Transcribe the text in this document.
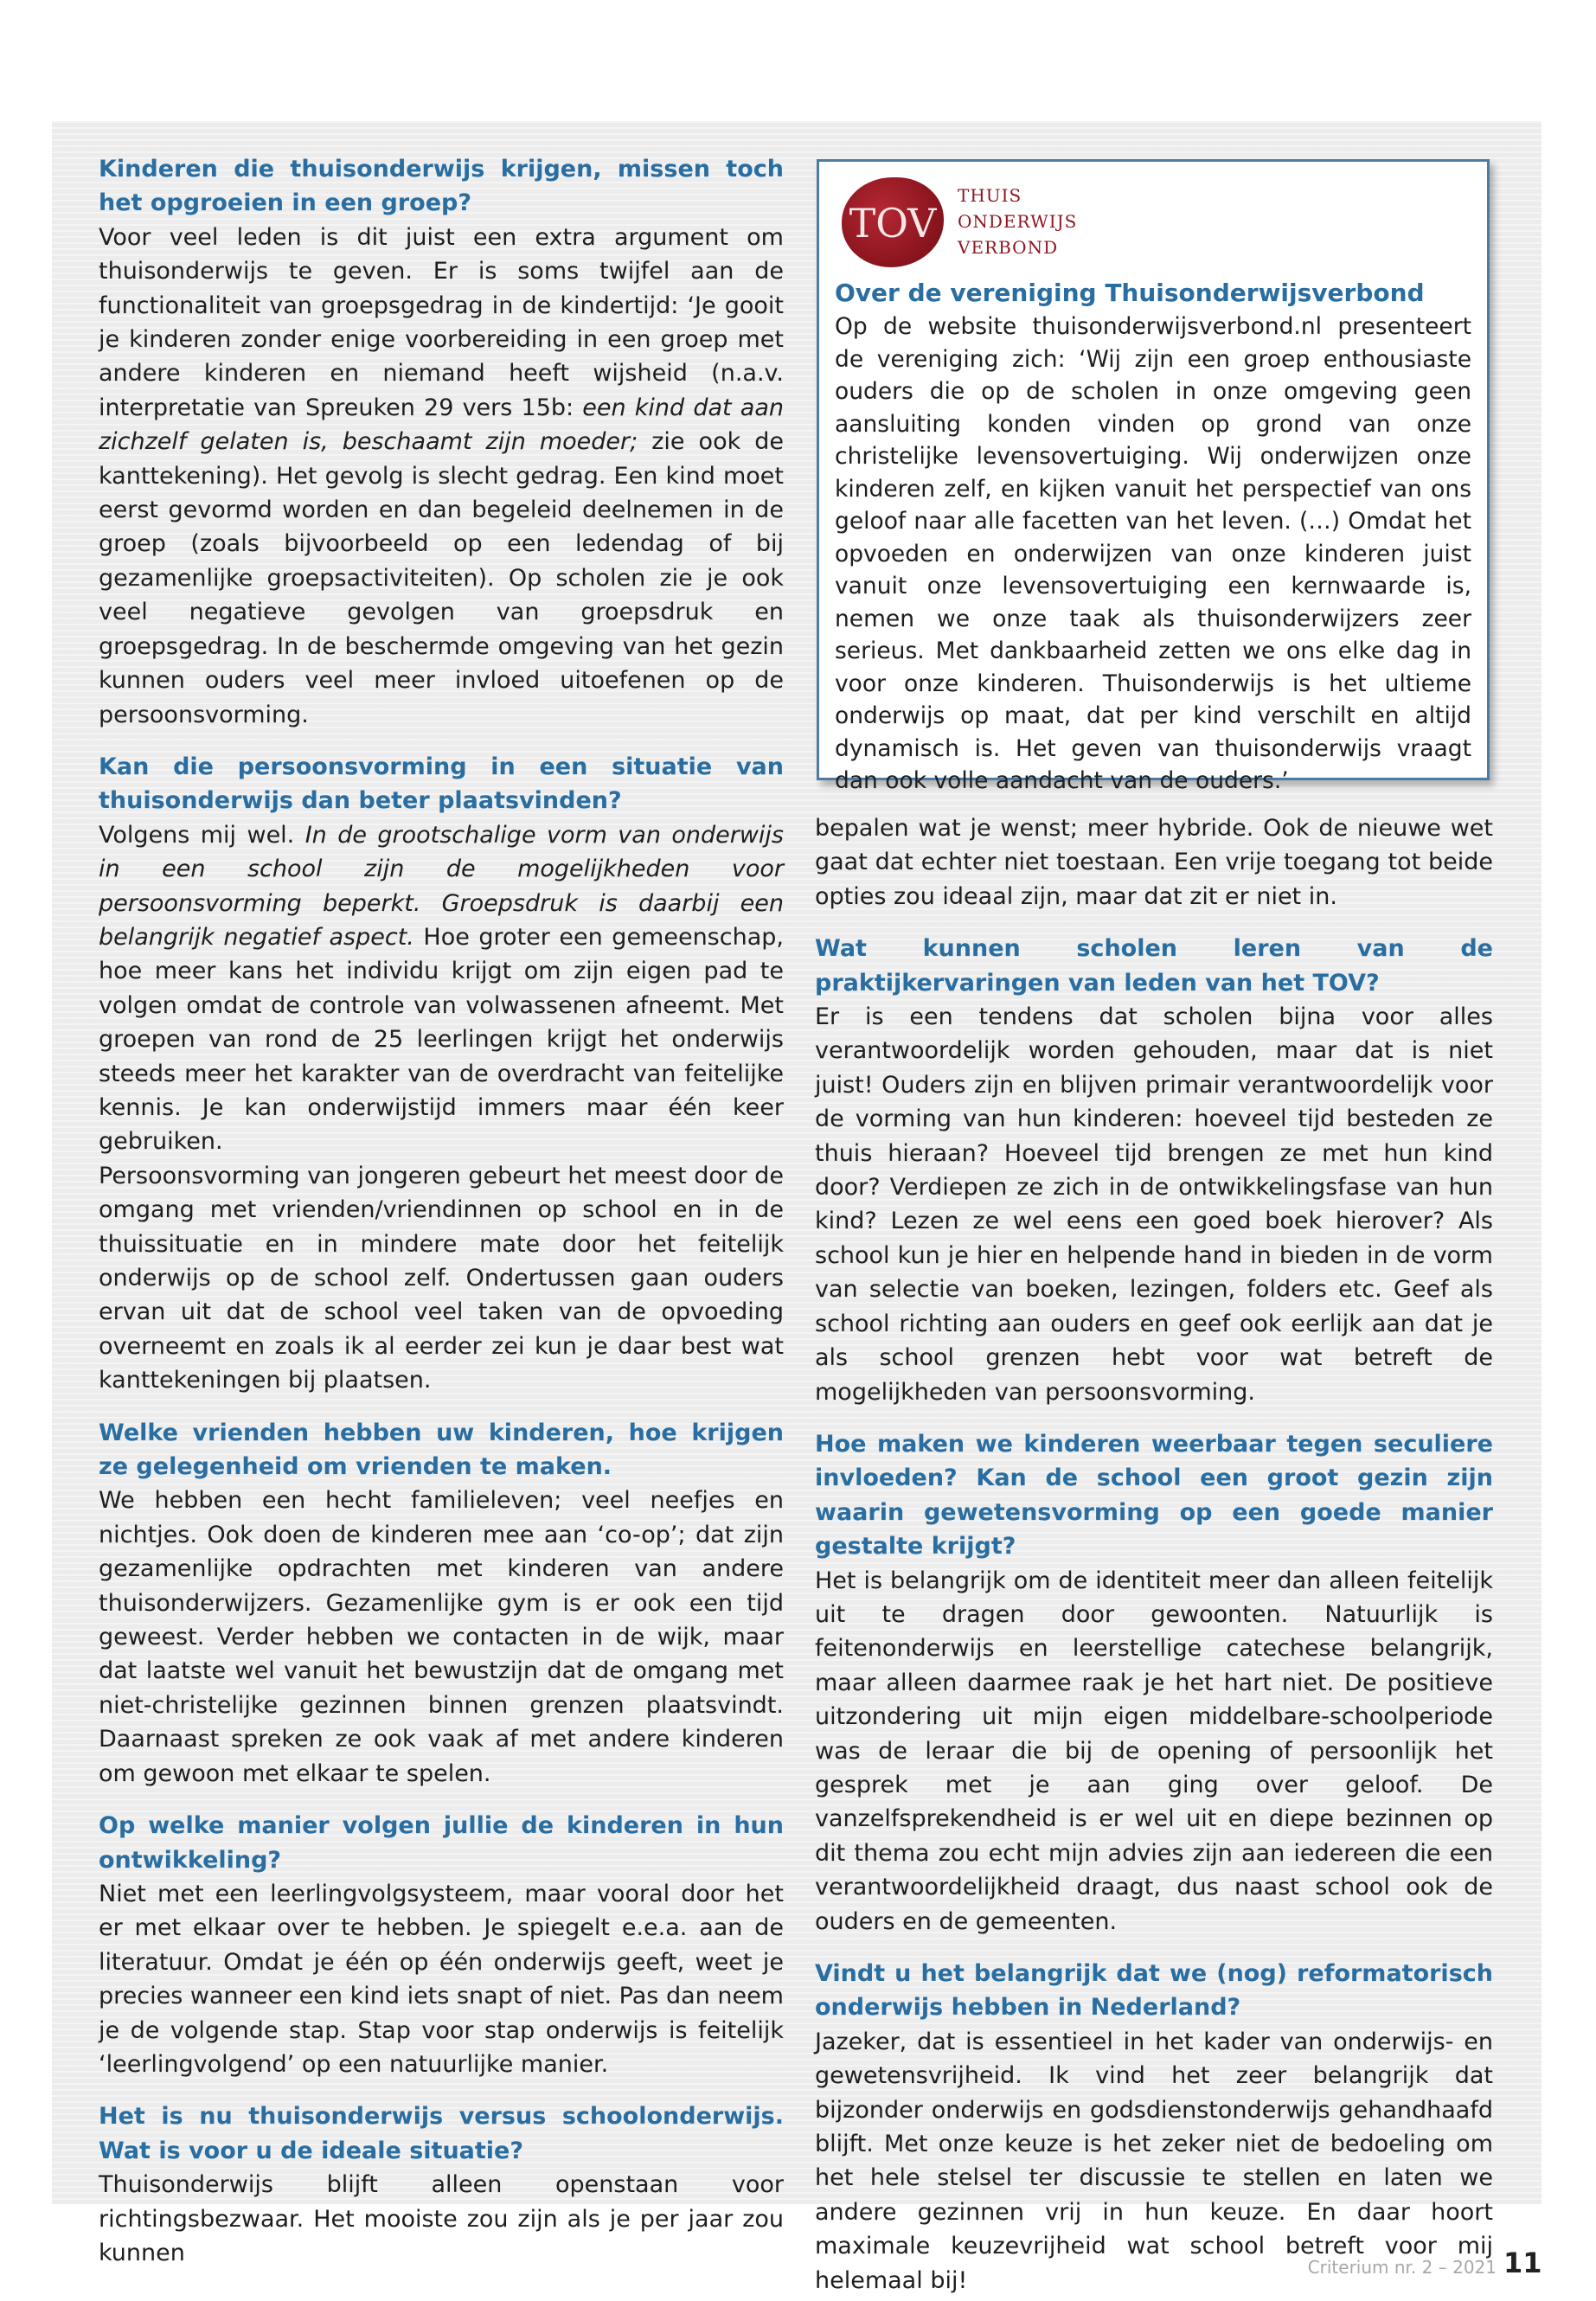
Kinderen die thuisonderwijs krijgen, missen toch het opgroeien in een groep?

Voor veel leden is dit juist een extra argument om thuisonderwijs te geven. Er is soms twijfel aan de functionaliteit van groepsgedrag in de kindertijd: ‘Je gooit je kinderen zonder enige voorbereiding in een groep met andere kinderen en niemand heeft wijsheid (n.a.v. interpretatie van Spreuken 29 vers 15b: een kind dat aan zichzelf gelaten is, beschaamt zijn moeder; zie ook de kanttekening). Het gevolg is slecht gedrag. Een kind moet eerst gevormd worden en dan begeleid deelnemen in de groep (zoals bijvoorbeeld op een ledendag of bij gezamenlijke groepsactiviteiten). Op scholen zie je ook veel negatieve gevolgen van groepsdruk en groepsgedrag. In de beschermde omgeving van het gezin kunnen ouders veel meer invloed uitoefenen op de persoonsvorming.

Kan die persoonsvorming in een situatie van thuisonderwijs dan beter plaatsvinden?

Volgens mij wel. In de grootschalige vorm van onderwijs in een school zijn de mogelijkheden voor persoonsvorming beperkt. Groepsdruk is daarbij een belangrijk negatief aspect. Hoe groter een gemeenschap, hoe meer kans het individu krijgt om zijn eigen pad te volgen omdat de controle van volwassenen afneemt. Met groepen van rond de 25 leerlingen krijgt het onderwijs steeds meer het karakter van de overdracht van feitelijke kennis. Je kan onderwijstijd immers maar één keer gebruiken.

Persoonsvorming van jongeren gebeurt het meest door de omgang met vrienden/vriendinnen op school en in de thuissituatie en in mindere mate door het feitelijk onderwijs op de school zelf. Ondertussen gaan ouders ervan uit dat de school veel taken van de opvoeding overneemt en zoals ik al eerder zei kun je daar best wat kanttekeningen bij plaatsen.

Welke vrienden hebben uw kinderen, hoe krijgen ze gelegenheid om vrienden te maken.

We hebben een hecht familieleven; veel neefjes en nichtjes. Ook doen de kinderen mee aan ‘co-op’; dat zijn gezamenlijke opdrachten met kinderen van andere thuisonderwijzers. Gezamenlijke gym is er ook een tijd geweest. Verder hebben we contacten in de wijk, maar dat laatste wel vanuit het bewustzijn dat de omgang met niet-christelijke gezinnen binnen grenzen plaatsvindt. Daarnaast spreken ze ook vaak af met andere kinderen om gewoon met elkaar te spelen.

Op welke manier volgen jullie de kinderen in hun ontwikkeling?

Niet met een leerlingvolgsysteem, maar vooral door het er met elkaar over te hebben. Je spiegelt e.e.a. aan de literatuur. Omdat je één op één onderwijs geeft, weet je precies wanneer een kind iets snapt of niet. Pas dan neem je de volgende stap. Stap voor stap onderwijs is feitelijk ‘leerlingvolgend’ op een natuurlijke manier.

Het is nu thuisonderwijs versus schoolonderwijs. Wat is voor u de ideale situatie?

Thuisonderwijs blijft alleen openstaan voor richtingsbezwaar. Het mooiste zou zijn als je per jaar zou kunnen

TOV
THUIS
ONDERWIJS
VERBOND

Over de vereniging Thuisonderwijsverbond

Op de website thuisonderwijsverbond.nl presenteert de vereniging zich: ‘Wij zijn een groep enthousiaste ouders die op de scholen in onze omgeving geen aansluiting konden vinden op grond van onze christelijke levensovertuiging. Wij onderwijzen onze kinderen zelf, en kijken vanuit het perspectief van ons geloof naar alle facetten van het leven. (…) Omdat het opvoeden en onderwijzen van onze kinderen juist vanuit onze levensovertuiging een kernwaarde is, nemen we onze taak als thuisonderwijzers zeer serieus. Met dankbaarheid zetten we ons elke dag in voor onze kinderen. Thuisonderwijs is het ultieme onderwijs op maat, dat per kind verschilt en altijd dynamisch is. Het geven van thuisonderwijs vraagt dan ook volle aandacht van de ouders.’

bepalen wat je wenst; meer hybride. Ook de nieuwe wet gaat dat echter niet toestaan. Een vrije toegang tot beide opties zou ideaal zijn, maar dat zit er niet in.

Wat kunnen scholen leren van de praktijkervaringen van leden van het TOV?

Er is een tendens dat scholen bijna voor alles verantwoordelijk worden gehouden, maar dat is niet juist! Ouders zijn en blijven primair verantwoordelijk voor de vorming van hun kinderen: hoeveel tijd besteden ze thuis hieraan? Hoeveel tijd brengen ze met hun kind door? Verdiepen ze zich in de ontwikkelingsfase van hun kind? Lezen ze wel eens een goed boek hierover? Als school kun je hier en helpende hand in bieden in de vorm van selectie van boeken, lezingen, folders etc. Geef als school richting aan ouders en geef ook eerlijk aan dat je als school grenzen hebt voor wat betreft de mogelijkheden van persoonsvorming.

Hoe maken we kinderen weerbaar tegen seculiere invloeden? Kan de school een groot gezin zijn waarin gewetensvorming op een goede manier gestalte krijgt?

Het is belangrijk om de identiteit meer dan alleen feitelijk uit te dragen door gewoonten. Natuurlijk is feitenonderwijs en leerstellige catechese belangrijk, maar alleen daarmee raak je het hart niet. De positieve uitzondering uit mijn eigen middelbare-schoolperiode was de leraar die bij de opening of persoonlijk het gesprek met je aan ging over geloof. De vanzelfsprekendheid is er wel uit en diepe bezinnen op dit thema zou echt mijn advies zijn aan iedereen die een verantwoordelijkheid draagt, dus naast school ook de ouders en de gemeenten.

Vindt u het belangrijk dat we (nog) reformatorisch onderwijs hebben in Nederland?

Jazeker, dat is essentieel in het kader van onderwijs- en gewetensvrijheid. Ik vind het zeer belangrijk dat bijzonder onderwijs en godsdienstonderwijs gehandhaafd blijft. Met onze keuze is het zeker niet de bedoeling om het hele stelsel ter discussie te stellen en laten we andere gezinnen vrij in hun keuze. En daar hoort maximale keuzevrijheid wat school betreft voor mij helemaal bij!	Criterium nr. 2 – 2021 11
